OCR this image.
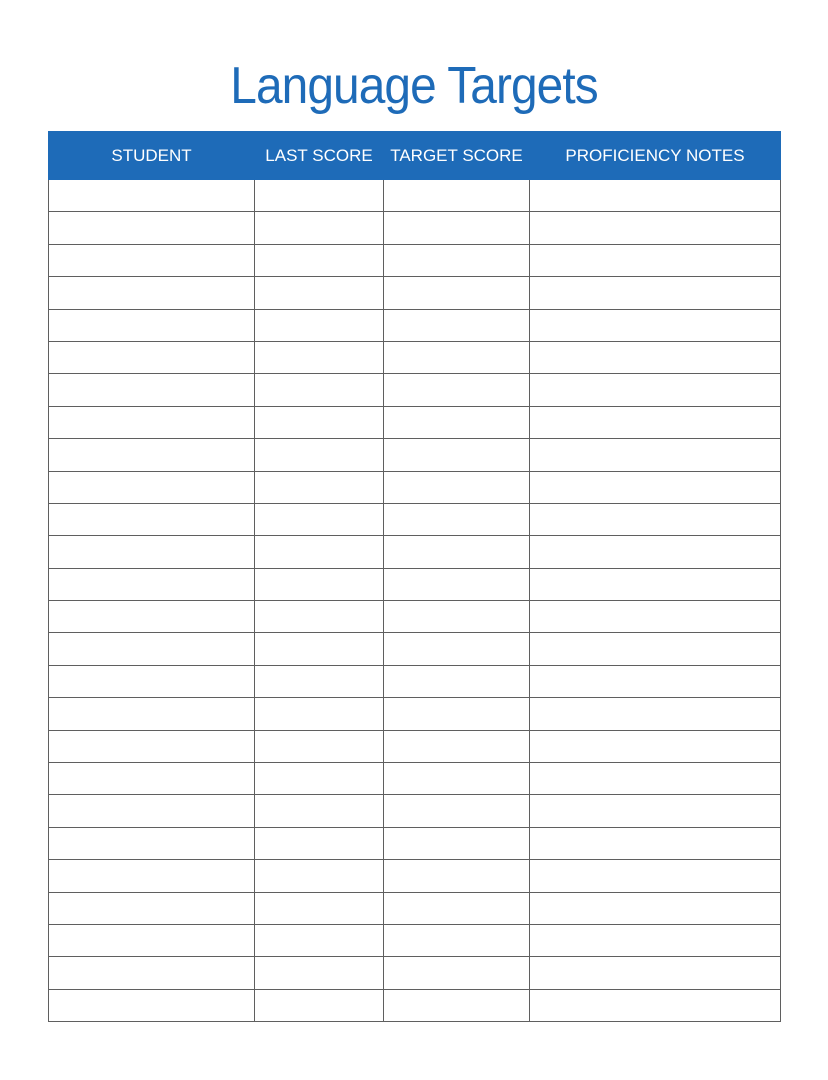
Language Targets
STUDENT	LAST SCORE	TARGET SCORE	PROFICIENCY NOTES
